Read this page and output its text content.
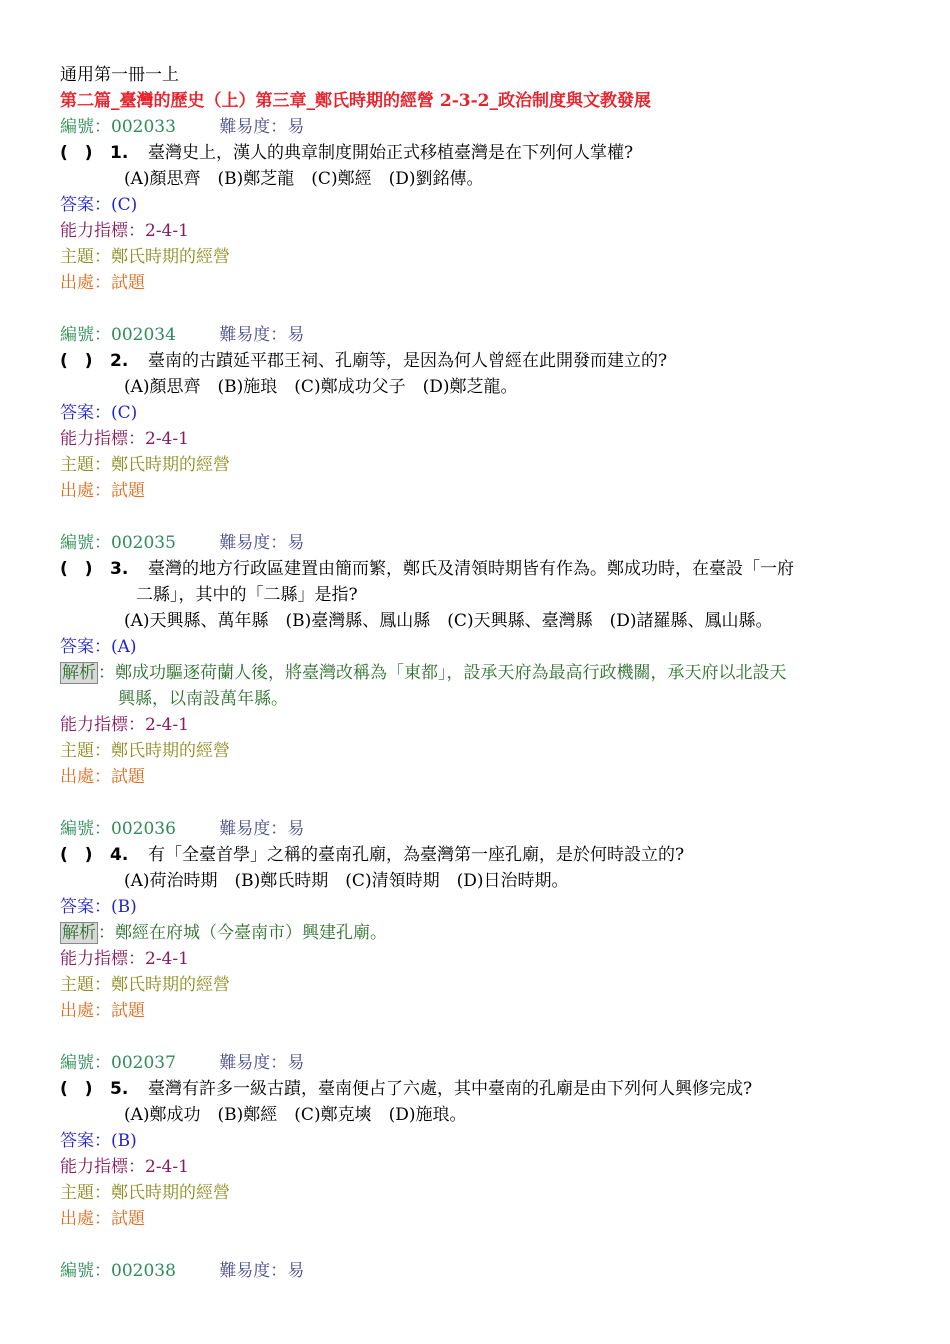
通用第一冊一上
第二篇_臺灣的歷史（上）第三章_鄭氏時期的經營 2-3-2_政治制度與文教發展
編號：002033	難易度：易
(　) 1. 臺灣史上，漢人的典章制度開始正式移植臺灣是在下列何人掌權?
(A)顏思齊　(B)鄭芝龍　(C)鄭經　(D)劉銘傳。
答案：(C)
能力指標：2-4-1
主題：鄭氏時期的經營
出處：試題
編號：002034	難易度：易
(　) 2. 臺南的古蹟延平郡王祠、孔廟等，是因為何人曾經在此開發而建立的?
(A)顏思齊　(B)施琅　(C)鄭成功父子　(D)鄭芝龍。
答案：(C)
能力指標：2-4-1
主題：鄭氏時期的經營
出處：試題
編號：002035	難易度：易
(　) 3. 臺灣的地方行政區建置由簡而繁，鄭氏及清領時期皆有作為。鄭成功時，在臺設「一府
二縣」，其中的「二縣」是指?
(A)天興縣、萬年縣　(B)臺灣縣、鳳山縣　(C)天興縣、臺灣縣　(D)諸羅縣、鳳山縣。
答案：(A)
解析 ：鄭成功驅逐荷蘭人後，將臺灣改稱為「東都」，設承天府為最高行政機關，承天府以北設天
興縣，以南設萬年縣。
能力指標：2-4-1
主題：鄭氏時期的經營
出處：試題
編號：002036	難易度：易
(　) 4. 有「全臺首學」之稱的臺南孔廟，為臺灣第一座孔廟，是於何時設立的?
(A)荷治時期　(B)鄭氏時期　(C)清領時期　(D)日治時期。
答案：(B)
解析 ：鄭經在府城（今臺南市）興建孔廟。
能力指標：2-4-1
主題：鄭氏時期的經營
出處：試題
編號：002037	難易度：易
(　) 5. 臺灣有許多一級古蹟，臺南便占了六處，其中臺南的孔廟是由下列何人興修完成?
(A)鄭成功　(B)鄭經　(C)鄭克塽　(D)施琅。
答案：(B)
能力指標：2-4-1
主題：鄭氏時期的經營
出處：試題
編號：002038	難易度：易
